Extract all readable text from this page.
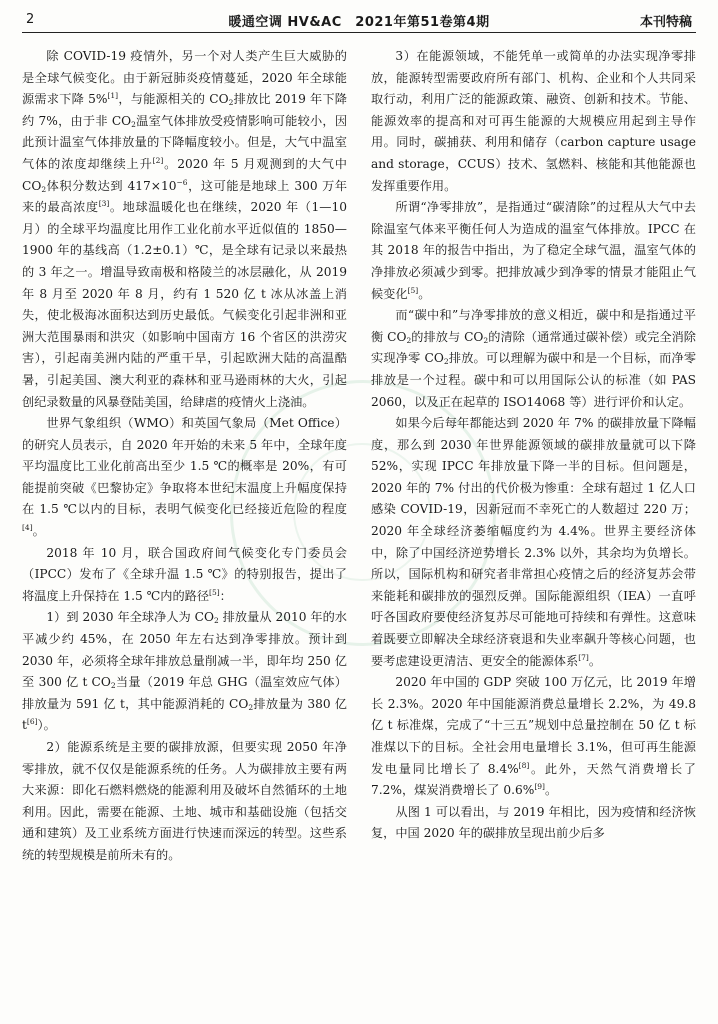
2	暖通空调 HV&AC　2021年第51卷第4期	本刊特稿

除 COVID-19 疫情外，另一个对人类产生巨大威胁的是全球气候变化。由于新冠肺炎疫情蔓延，2020 年全球能源需求下降 5%[1]，与能源相关的 $CO_2$排放比 2019 年下降约 7%，由于非 $CO_2$温室气体排放受疫情影响可能较小，因此预计温室气体排放量的下降幅度较小。但是，大气中温室气体的浓度却继续上升[2]。2020 年 5 月观测到的大气中 $CO_2$体积分数达到 $417\times 10^{-6}$，这可能是地球上 300 万年来的最高浓度[3]。地球温暖化也在继续，2020 年（1—10 月）的全球平均温度比用作工业化前水平近似值的 1850—1900 年的基线高（1.2±0.1）℃，是全球有记录以来最热的 3 年之一。增温导致南极和格陵兰的冰层融化，从 2019 年 8 月至 2020 年 8 月，约有 1 520 亿 t 冰从冰盖上消失，使北极海冰面积达到历史最低。气候变化引起非洲和亚洲大范围暴雨和洪灾（如影响中国南方 16 个省区的洪涝灾害），引起南美洲内陆的严重干旱，引起欧洲大陆的高温酷暑，引起美国、澳大利亚的森林和亚马逊雨林的大火，引起创纪录数量的风暴登陆美国，给肆虐的疫情火上浇油。

世界气象组织（WMO）和英国气象局（Met Office）的研究人员表示，自 2020 年开始的未来 5 年中，全球年度平均温度比工业化前高出至少 1.5 ℃的概率是 20%，有可能提前突破《巴黎协定》争取将本世纪末温度上升幅度保持在 1.5 ℃以内的目标，表明气候变化已经接近危险的程度[4]。

2018 年 10 月，联合国政府间气候变化专门委员会（IPCC）发布了《全球升温 1.5 ℃》的特别报告，提出了将温度上升保持在 1.5 ℃内的路径[5]：

1）到 2030 年全球净人为 $CO_2$ 排放量从 2010 年的水平减少约 45%，在 2050 年左右达到净零排放。预计到 2030 年，必须将全球年排放总量削减一半，即年均 250 亿至 300 亿 t $CO_2$当量（2019 年总 GHG（温室效应气体）排放量为 591 亿 t，其中能源消耗的 $CO_2$排放量为 380 亿 t[6]）。

2）能源系统是主要的碳排放源，但要实现 2050 年净零排放，就不仅仅是能源系统的任务。人为碳排放主要有两大来源：即化石燃料燃烧的能源利用及破坏自然循环的土地利用。因此，需要在能源、土地、城市和基础设施（包括交通和建筑）及工业系统方面进行快速而深远的转型。这些系统的转型规模是前所未有的。

3）在能源领域，不能凭单一或简单的办法实现净零排放，能源转型需要政府所有部门、机构、企业和个人共同采取行动，利用广泛的能源政策、融资、创新和技术。节能、能源效率的提高和对可再生能源的大规模应用起到主导作用。同时，碳捕获、利用和储存（carbon capture usage and storage，CCUS）技术、氢燃料、核能和其他能源也发挥重要作用。

所谓“净零排放”，是指通过“碳清除”的过程从大气中去除温室气体来平衡任何人为造成的温室气体排放。IPCC 在其 2018 年的报告中指出，为了稳定全球气温，温室气体的净排放必须减少到零。把排放减少到净零的情景才能阻止气候变化[5]。

而“碳中和”与净零排放的意义相近，碳中和是指通过平衡 $CO_2$的排放与 $CO_2$的清除（通常通过碳补偿）或完全消除实现净零 $CO_2$排放。可以理解为碳中和是一个目标，而净零排放是一个过程。碳中和可以用国际公认的标准（如 PAS 2060，以及正在起草的 ISO14068 等）进行评价和认定。

如果今后每年都能达到 2020 年 7% 的碳排放量下降幅度，那么到 2030 年世界能源领域的碳排放量就可以下降 52%，实现 IPCC 年排放量下降一半的目标。但问题是，2020 年的 7% 付出的代价极为惨重：全球有超过 1 亿人口感染 COVID-19，因新冠而不幸死亡的人数超过 220 万；2020 年全球经济萎缩幅度约为 4.4%。世界主要经济体中，除了中国经济逆势增长 2.3% 以外，其余均为负增长。所以，国际机构和研究者非常担心疫情之后的经济复苏会带来能耗和碳排放的强烈反弹。国际能源组织（IEA）一直呼吁各国政府要使经济复苏尽可能地可持续和有弹性。这意味着既要立即解决全球经济衰退和失业率飙升等核心问题，也要考虑建设更清洁、更安全的能源体系[7]。

2020 年中国的 GDP 突破 100 万亿元，比 2019 年增长 2.3%。2020 年中国能源消费总量增长 2.2%，为 49.8 亿 t 标准煤，完成了“十三五”规划中总量控制在 50 亿 t 标准煤以下的目标。全社会用电量增长 3.1%，但可再生能源发电量同比增长了 8.4%[8]。此外，天然气消费增长了 7.2%，煤炭消费增长了 0.6%[9]。

从图 1 可以看出，与 2019 年相比，因为疫情和经济恢复，中国 2020 年的碳排放呈现出前少后多
